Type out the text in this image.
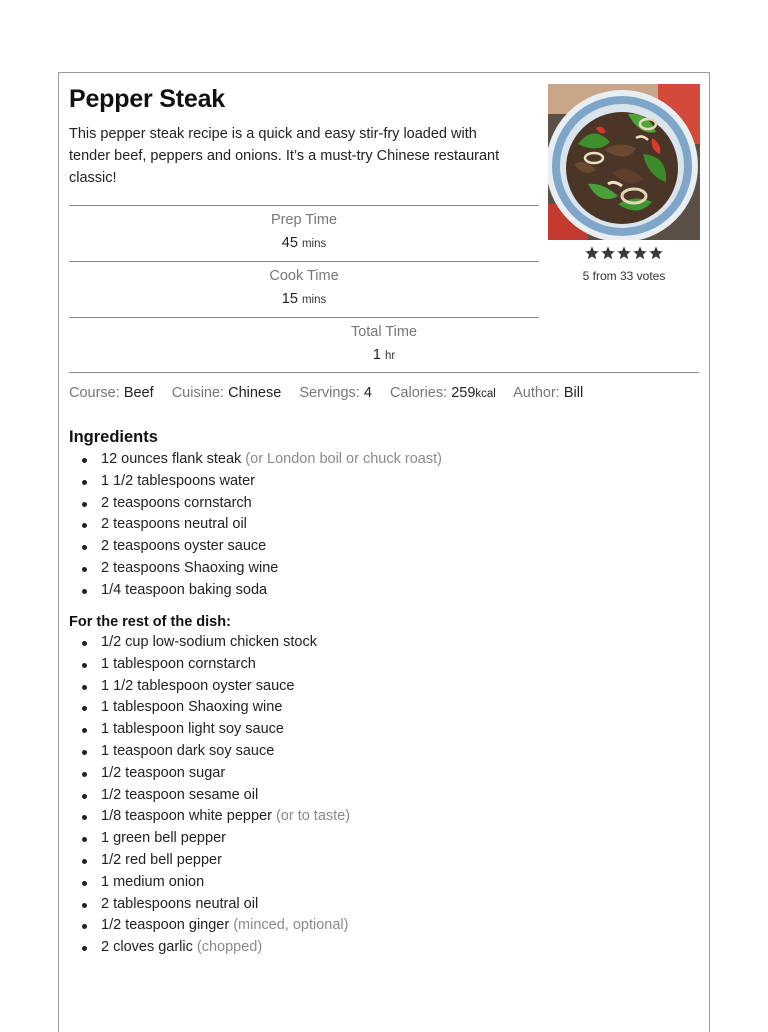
Pepper Steak

This pepper steak recipe is a quick and easy stir-fry loaded with tender beef, peppers and onions. It’s a must-try Chinese restaurant classic!

5 from 33 votes
Prep Time
45 mins
Cook Time
15 mins
Total Time
1 hr
Course: Beef Cuisine: Chinese Servings: 4 Calories: 259kcal Author: Bill
Ingredients
12 ounces flank steak (or London boil or chuck roast)
1 1/2 tablespoons water
2 teaspoons cornstarch
2 teaspoons neutral oil
2 teaspoons oyster sauce
2 teaspoons Shaoxing wine
1/4 teaspoon baking soda
For the rest of the dish:
1/2 cup low-sodium chicken stock
1 tablespoon cornstarch
1 1/2 tablespoon oyster sauce
1 tablespoon Shaoxing wine
1 tablespoon light soy sauce
1 teaspoon dark soy sauce
1/2 teaspoon sugar
1/2 teaspoon sesame oil
1/8 teaspoon white pepper (or to taste)
1 green bell pepper
1/2 red bell pepper
1 medium onion
2 tablespoons neutral oil
1/2 teaspoon ginger (minced, optional)
2 cloves garlic (chopped)
